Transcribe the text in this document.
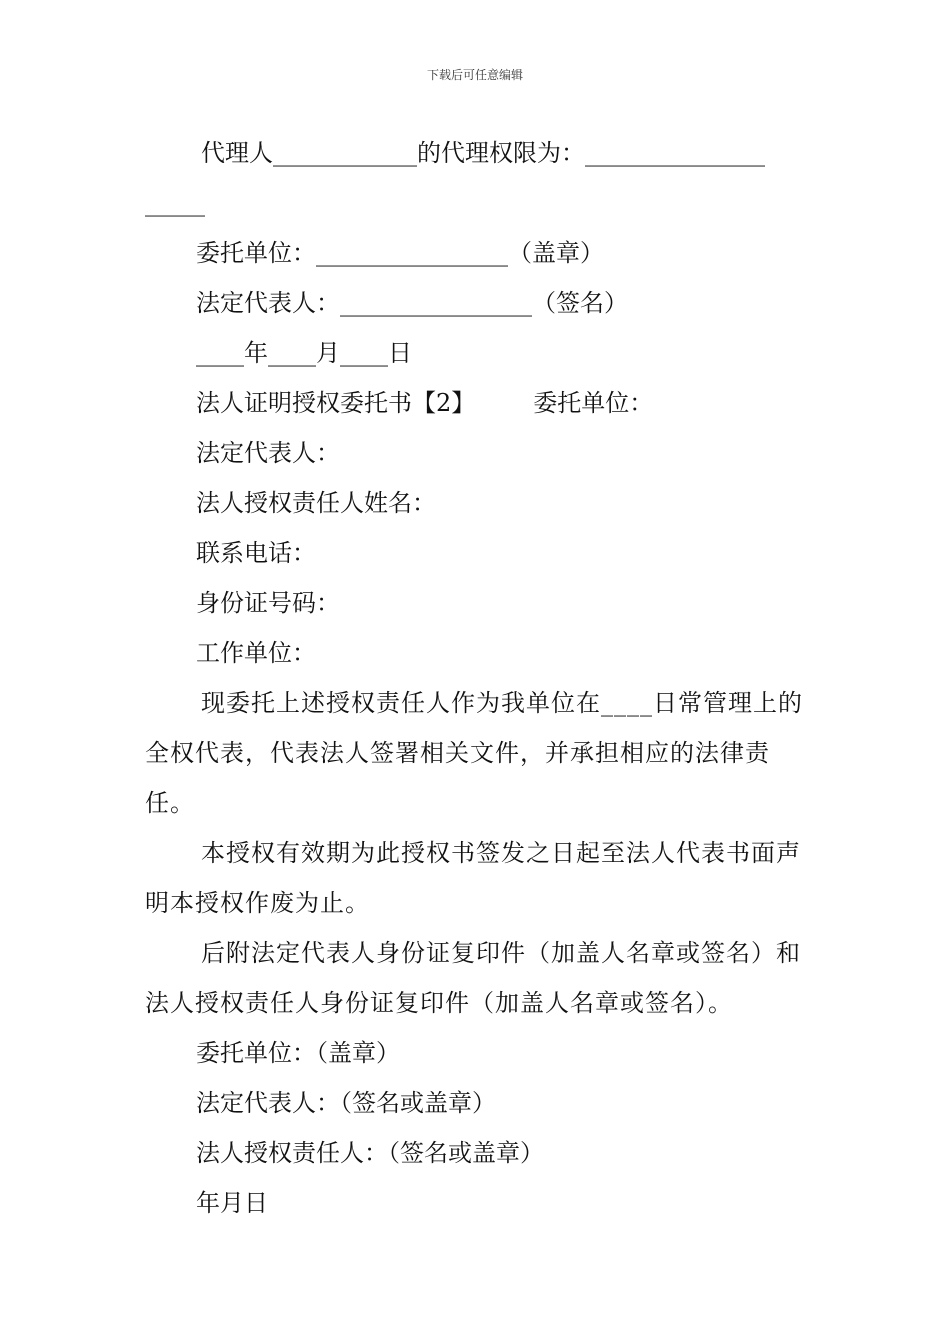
下载后可任意编辑
代理人____________的代理权限为：_______________
_____
委托单位：________________（盖章）
法定代表人：________________（签名）
____年____月____日
法人证明授权委托书【2】 委托单位：
法定代表人：
法人授权责任人姓名：
联系电话：
身份证号码：
工作单位：
现委托上述授权责任人作为我单位在____日常管理上的全权代表，代表法人签署相关文件，并承担相应的法律责任。
本授权有效期为此授权书签发之日起至法人代表书面声明本授权作废为止。
后附法定代表人身份证复印件（加盖人名章或签名）和法人授权责任人身份证复印件（加盖人名章或签名）。
委托单位：（盖章）
法定代表人：（签名或盖章）
法人授权责任人：（签名或盖章）
年月日
